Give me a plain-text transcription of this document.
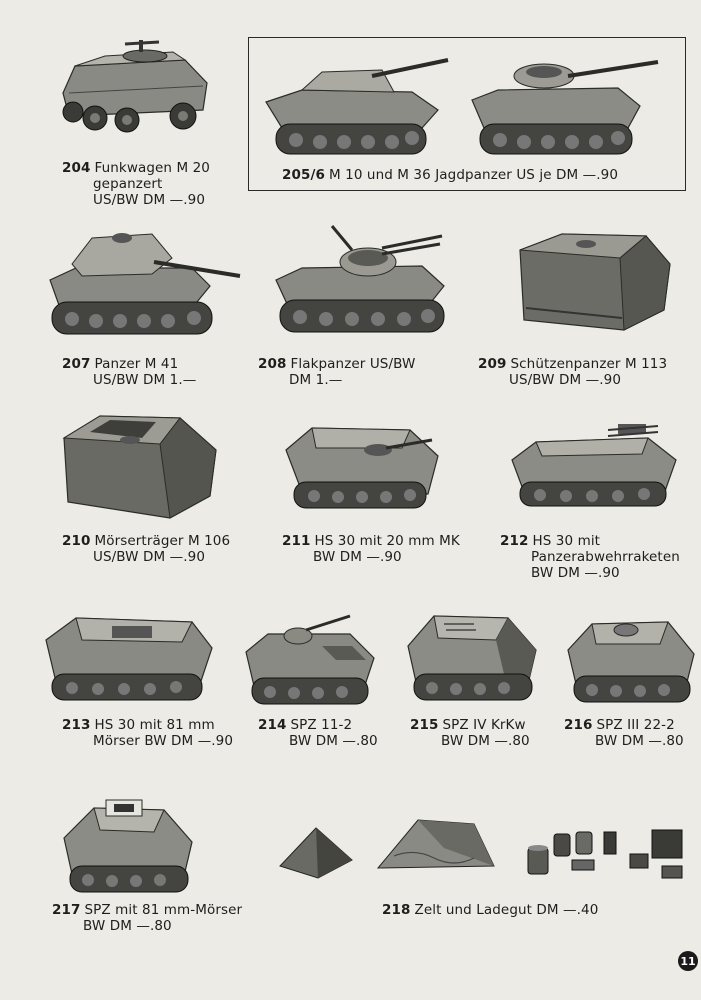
204 Funkwagen M 20
gepanzert
US/BW DM —.90
205/6 M 10 und M 36 Jagdpanzer US je DM —.90
207 Panzer M 41
US/BW DM 1.—
208 Flakpanzer US/BW
DM 1.—
209 Schützenpanzer M 113
US/BW DM —.90
210 Mörserträger M 106
US/BW DM —.90
211 HS 30 mit 20 mm MK
BW DM —.90
212 HS 30 mit
Panzerabwehrraketen
BW DM —.90
213 HS 30 mit 81 mm
Mörser BW DM —.90
214 SPZ 11-2
BW DM —.80
215 SPZ IV KrKw
BW DM —.80
216 SPZ III 22-2
BW DM —.80
217 SPZ mit 81 mm-Mörser
BW DM —.80
218 Zelt und Ladegut DM —.40
11
